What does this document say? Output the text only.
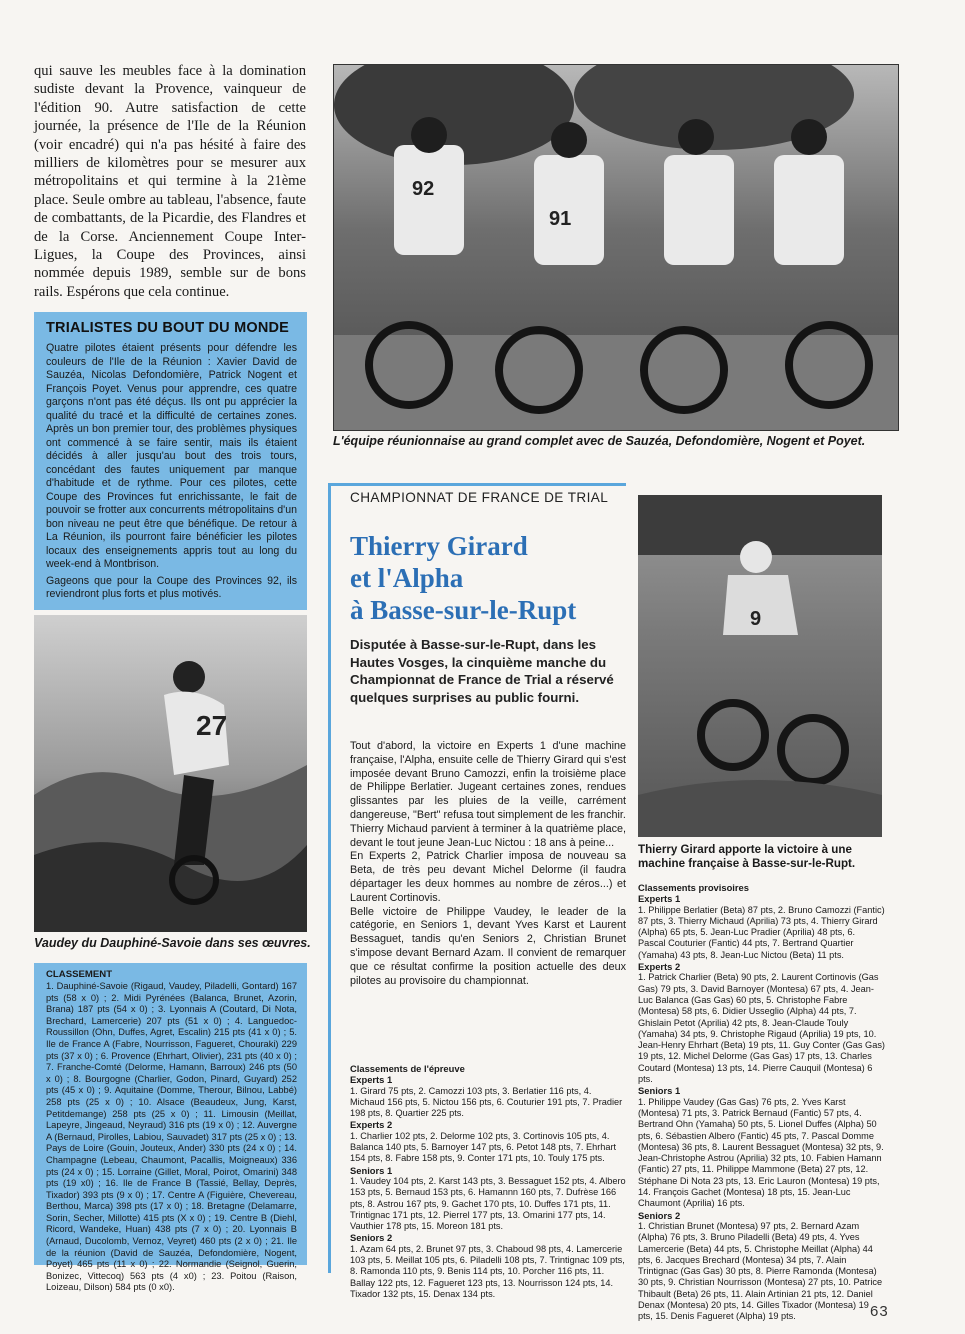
qui sauve les meubles face à la domination sudiste devant la Provence, vainqueur de l'édition 90. Autre satisfaction de cette journée, la présence de l'Ile de la Réunion (voir encadré) qui n'a pas hésité à faire des milliers de kilomètres pour se mesurer aux métropolitains et qui termine à la 21ème place. Seule ombre au tableau, l'absence, faute de combattants, de la Picardie, des Flandres et de la Corse. Anciennement Coupe Inter-Ligues, la Coupe des Provinces, ainsi nommée depuis 1989, semble sur de bons rails. Espérons que cela continue.

TRIALISTES DU BOUT DU MONDE

Quatre pilotes étaient présents pour défendre les couleurs de l'Ile de la Réunion : Xavier David de Sauzéa, Nicolas Defondomière, Patrick Nogent et François Poyet. Venus pour apprendre, ces quatre garçons n'ont pas été déçus. Ils ont pu apprécier la qualité du tracé et la difficulté de certaines zones. Après un bon premier tour, des problèmes physiques ont commencé à se faire sentir, mais ils étaient décidés à aller jusqu'au bout des trois tours, concédant des fautes uniquement par manque d'habitude et de rythme. Pour ces pilotes, cette Coupe des Provinces fut enrichissante, le fait de pouvoir se frotter aux concurrents métropolitains d'un bon niveau ne peut être que bénéfique. De retour à La Réunion, ils pourront faire bénéficier les pilotes locaux des enseignements appris tout au long du week-end à Montbrison.

Gageons que pour la Coupe des Provinces 92, ils reviendront plus forts et plus motivés.

27
Vaudey du Dauphiné-Savoie dans ses œuvres.
CLASSEMENT
1. Dauphiné-Savoie (Rigaud, Vaudey, Piladelli, Gontard) 167 pts (58 x 0) ; 2. Midi Pyrénées (Balanca, Brunet, Azorin, Brana) 187 pts (54 x 0) ; 3. Lyonnais A (Coutard, Di Nota, Brechard, Lamercerie) 207 pts (51 x 0) ; 4. Languedoc-Roussillon (Ohn, Duffes, Agret, Escalin) 215 pts (41 x 0) ; 5. Ile de France A (Fabre, Nourrisson, Fagueret, Chouraki) 229 pts (37 x 0) ; 6. Provence (Ehrhart, Olivier), 231 pts (40 x 0) ; 7. Franche-Comté (Delorme, Hamann, Barroux) 246 pts (50 x 0) ; 8. Bourgogne (Charlier, Godon, Pinard, Guyard) 252 pts (45 x 0) ; 9. Aquitaine (Domme, Therour, Bilnou, Labbé) 258 pts (25 x 0) ; 10. Alsace (Beaudeux, Jung, Karst, Petitdemange) 258 pts (25 x 0) ; 11. Limousin (Meillat, Lapeyre, Jingeaud, Neyraud) 316 pts (19 x 0) ; 12. Auvergne A (Bernaud, Pirolles, Labiou, Sauvadet) 317 pts (25 x 0) ; 13. Pays de Loire (Gouin, Jouteux, Ander) 330 pts (24 x 0) ; 14. Champagne (Lebeau, Chaumont, Pacallis, Moigneaux) 336 pts (24 x 0) ; 15. Lorraine (Gillet, Moral, Poirot, Omarini) 348 pts (19 x0) ; 16. Ile de France B (Tassié, Bellay, Deprès, Tixador) 393 pts (9 x 0) ; 17. Centre A (Figuière, Chevereau, Berthou, Marca) 398 pts (17 x 0) ; 18. Bretagne (Delamarre, Sorin, Secher, Millotte) 415 pts (X x 0) ; 19. Centre B (Diehl, Ricord, Wandeke, Huan) 438 pts (7 x 0) ; 20. Lyonnais B (Arnaud, Ducolomb, Vernoz, Veyret) 460 pts (2 x 0) ; 21. Ile de la réunion (David de Sauzéa, Defondomière, Nogent, Poyet) 465 pts (11 x 0) ; 22. Normandie (Seignol, Guerin, Bonizec, Vittecoq) 563 pts (4 x0) ; 23. Poitou (Raison, Loizeau, Dilson) 584 pts (0 x0).
92
91
L'équipe réunionnaise au grand complet avec de Sauzéa, Defondomière, Nogent et Poyet.
CHAMPIONNAT DE FRANCE DE TRIAL
Thierry Girard
et l'Alpha
à Basse-sur-le-Rupt
Disputée à Basse-sur-le-Rupt, dans les Hautes Vosges, la cinquième manche du Championnat de France de Trial a réservé quelques surprises au public fourni.

Tout d'abord, la victoire en Experts 1 d'une machine française, l'Alpha, ensuite celle de Thierry Girard qui s'est imposée devant Bruno Camozzi, enfin la troisième place de Philippe Berlatier. Jugeant certaines zones, rendues glissantes par les pluies de la veille, carrément dangereuse, "Bert" refusa tout simplement de les franchir.

Thierry Michaud parvient à terminer à la quatrième place, devant le tout jeune Jean-Luc Nictou : 18 ans à peine...

En Experts 2, Patrick Charlier imposa de nouveau sa Beta, de très peu devant Michel Delorme (il faudra départager les deux hommes au nombre de zéros...) et Laurent Cortinovis.

Belle victoire de Philippe Vaudey, le leader de la catégorie, en Seniors 1, devant Yves Karst et Laurent Bessaguet, tandis qu'en Seniors 2, Christian Brunet s'impose devant Bernard Azam. Il convient de remarquer que ce résultat confirme la position actuelle des deux pilotes au provisoire du championnat.

Classements de l'épreuve
Experts 1
1. Girard 75 pts, 2. Camozzi 103 pts, 3. Berlatier 116 pts, 4. Michaud 156 pts, 5. Nictou 156 pts, 6. Couturier 191 pts, 7. Pradier 198 pts, 8. Quartier 225 pts.
Experts 2
1. Charlier 102 pts, 2. Delorme 102 pts, 3. Cortinovis 105 pts, 4. Balanca 140 pts, 5. Barnoyer 147 pts, 6. Petot 148 pts, 7. Ehrhart 154 pts, 8. Fabre 158 pts, 9. Conter 171 pts, 10. Touly 175 pts.
Seniors 1
1. Vaudey 104 pts, 2. Karst 143 pts, 3. Bessaguet 152 pts, 4. Albero 153 pts, 5. Bernaud 153 pts, 6. Hamannn 160 pts, 7. Dufrèse 166 pts, 8. Astrou 167 pts, 9. Gachet 170 pts, 10. Duffes 171 pts, 11. Trintignac 171 pts, 12. Pierrel 177 pts, 13. Omarini 177 pts, 14. Vauthier 178 pts, 15. Moreon 181 pts.
Seniors 2
1. Azam 64 pts, 2. Brunet 97 pts, 3. Chaboud 98 pts, 4. Lamercerie 103 pts, 5. Meillat 105 pts, 6. Piladelli 108 pts, 7. Trintignac 109 pts, 8. Ramonda 110 pts, 9. Benis 114 pts, 10. Porcher 116 pts, 11. Ballay 122 pts, 12. Fagueret 123 pts, 13. Nourrisson 124 pts, 14. Tixador 132 pts, 15. Denax 134 pts.
9
Thierry Girard apporte la victoire à une machine française à Basse-sur-le-Rupt.
Classements provisoires
Experts 1
1. Philippe Berlatier (Beta) 87 pts, 2. Bruno Camozzi (Fantic) 87 pts, 3. Thierry Michaud (Aprilia) 73 pts, 4. Thierry Girard (Alpha) 65 pts, 5. Jean-Luc Pradier (Aprilia) 48 pts, 6. Pascal Couturier (Fantic) 44 pts, 7. Bertrand Quartier (Yamaha) 43 pts, 8. Jean-Luc Nictou (Beta) 11 pts.
Experts 2
1. Patrick Charlier (Beta) 90 pts, 2. Laurent Cortinovis (Gas Gas) 79 pts, 3. David Barnoyer (Montesa) 67 pts, 4. Jean-Luc Balanca (Gas Gas) 60 pts, 5. Christophe Fabre (Montesa) 58 pts, 6. Didier Usseglio (Alpha) 44 pts, 7. Ghislain Petot (Aprilia) 42 pts, 8. Jean-Claude Touly (Yamaha) 34 pts, 9. Christophe Rigaud (Aprilia) 19 pts, 10. Jean-Henry Ehrhart (Beta) 19 pts, 11. Guy Conter (Gas Gas) 19 pts, 12. Michel Delorme (Gas Gas) 17 pts, 13. Charles Coutard (Montesa) 13 pts, 14. Pierre Cauquil (Montesa) 6 pts.
Seniors 1
1. Philippe Vaudey (Gas Gas) 76 pts, 2. Yves Karst (Montesa) 71 pts, 3. Patrick Bernaud (Fantic) 57 pts, 4. Bertrand Ohn (Yamaha) 50 pts, 5. Lionel Duffes (Alpha) 50 pts, 6. Sébastien Albero (Fantic) 45 pts, 7. Pascal Domme (Montesa) 36 pts, 8. Laurent Bessaguet (Montesa) 32 pts, 9. Jean-Christophe Astrou (Aprilia) 32 pts, 10. Fabien Hamann (Fantic) 27 pts, 11. Philippe Mammone (Beta) 27 pts, 12. Stéphane Di Nota 23 pts, 13. Eric Lauron (Montesa) 19 pts, 14. François Gachet (Montesa) 18 pts, 15. Jean-Luc Chaumont (Aprilia) 16 pts.
Seniors 2
1. Christian Brunet (Montesa) 97 pts, 2. Bernard Azam (Alpha) 76 pts, 3. Bruno Piladelli (Beta) 49 pts, 4. Yves Lamercerie (Beta) 44 pts, 5. Christophe Meillat (Alpha) 44 pts, 6. Jacques Brechard (Montesa) 34 pts, 7. Alain Trintignac (Gas Gas) 30 pts, 8. Pierre Ramonda (Montesa) 30 pts, 9. Christian Nourrisson (Montesa) 27 pts, 10. Patrice Thibault (Beta) 26 pts, 11. Alain Artinian 21 pts, 12. Daniel Denax (Montesa) 20 pts, 14. Gilles Tixador (Montesa) 19 pts, 15. Denis Fagueret (Alpha) 19 pts.	63
